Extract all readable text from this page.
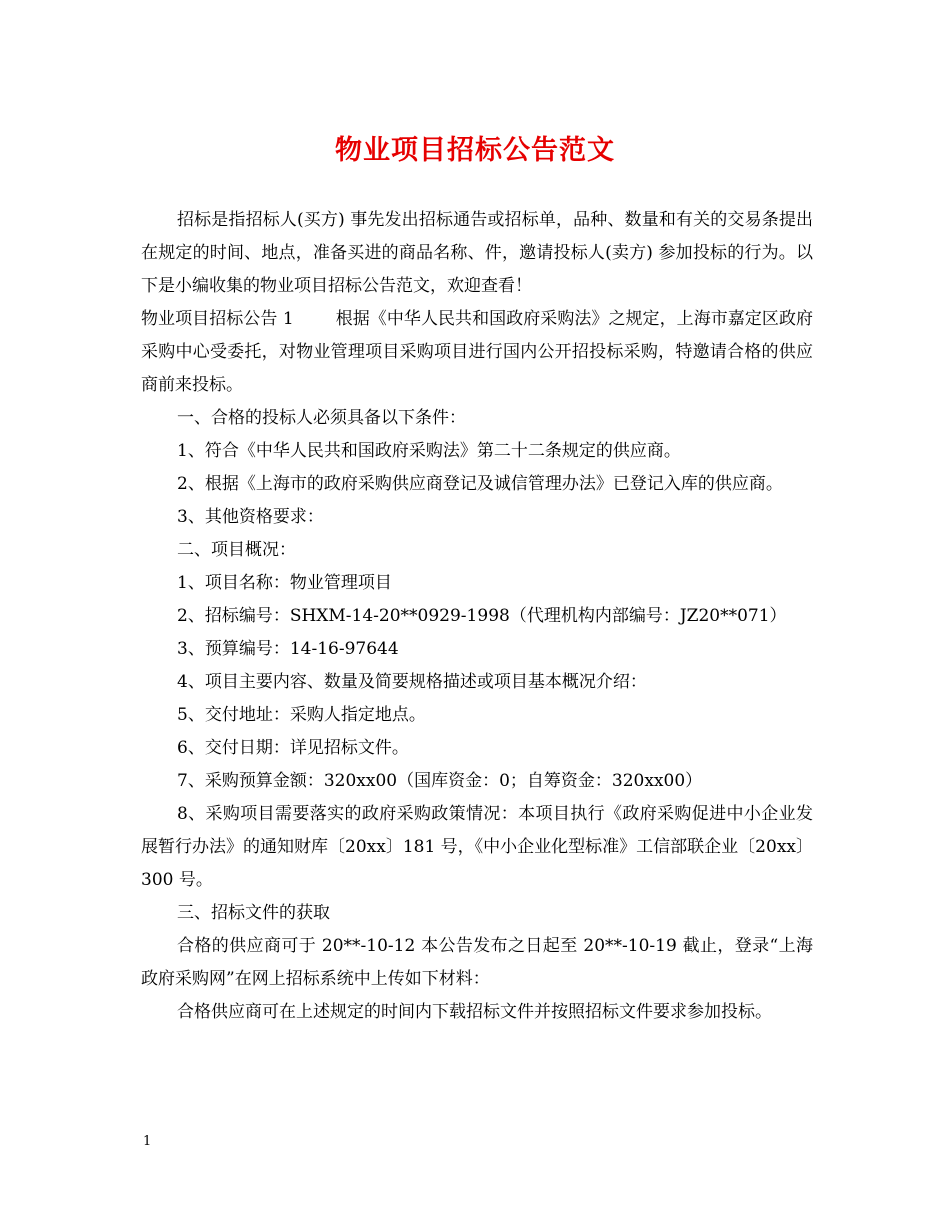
物业项目招标公告范文

招标是指招标人(买方) 事先发出招标通告或招标单，品种、数量和有关的交易条提出在规定的时间、地点，准备买进的商品名称、件，邀请投标人(卖方) 参加投标的行为。以下是小编收集的物业项目招标公告范文，欢迎查看！

物业项目招标公告 1 根据《中华人民共和国政府采购法》之规定，上海市嘉定区政府采购中心受委托，对物业管理项目采购项目进行国内公开招投标采购，特邀请合格的供应商前来投标。

一、合格的投标人必须具备以下条件：

1、符合《中华人民共和国政府采购法》第二十二条规定的供应商。

2、根据《上海市的政府采购供应商登记及诚信管理办法》已登记入库的供应商。

3、其他资格要求：

二、项目概况：

1、项目名称：物业管理项目

2、招标编号：SHXM-14-20**0929-1998（代理机构内部编号：JZ20**071）

3、预算编号：14-16-97644

4、项目主要内容、数量及简要规格描述或项目基本概况介绍：

5、交付地址：采购人指定地点。

6、交付日期：详见招标文件。

7、采购预算金额：320xx00（国库资金：0；自筹资金：320xx00）

8、采购项目需要落实的政府采购政策情况：本项目执行《政府采购促进中小企业发展暂行办法》的通知财库〔20xx〕181 号，《中小企业化型标准》工信部联企业〔20xx〕300 号。

三、招标文件的获取

合格的供应商可于 20**-10-12 本公告发布之日起至 20**-10-19 截止，登录“上海政府采购网”在网上招标系统中上传如下材料：

合格供应商可在上述规定的时间内下载招标文件并按照招标文件要求参加投标。

1
